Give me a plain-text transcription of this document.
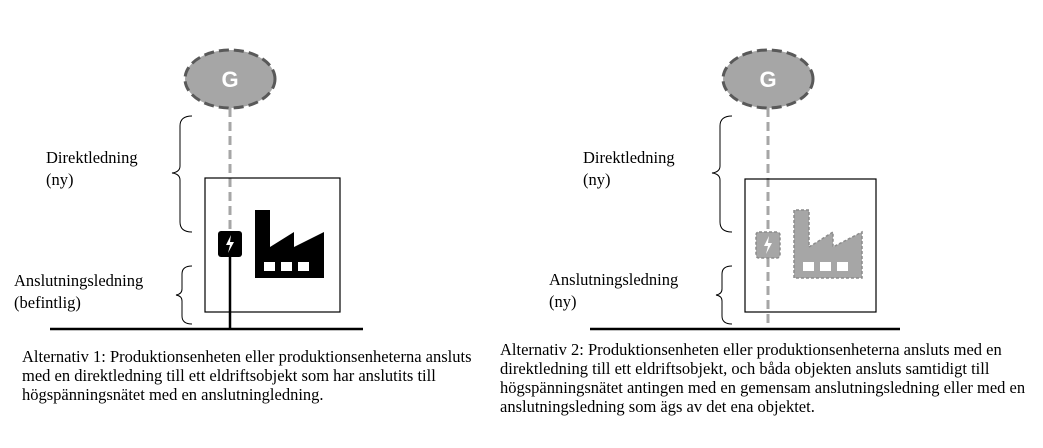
G
Direktledning
(ny)
Anslutningsledning
(befintlig)
G
Direktledning
(ny)
Anslutningsledning
(ny)
Alternativ 1: Produktionsenheten eller produktionsenheterna ansluts med en direktledning till ett eldriftsobjekt som har anslutits till högspänningsnätet med en anslutningledning.
Alternativ 2: Produktionsenheten eller produktionsenheterna ansluts med en direktledning till ett eldriftsobjekt, och båda objekten ansluts samtidigt till högspänningsnätet antingen med en gemensam anslutningsledning eller med en anslutningsledning som ägs av det ena objektet.
